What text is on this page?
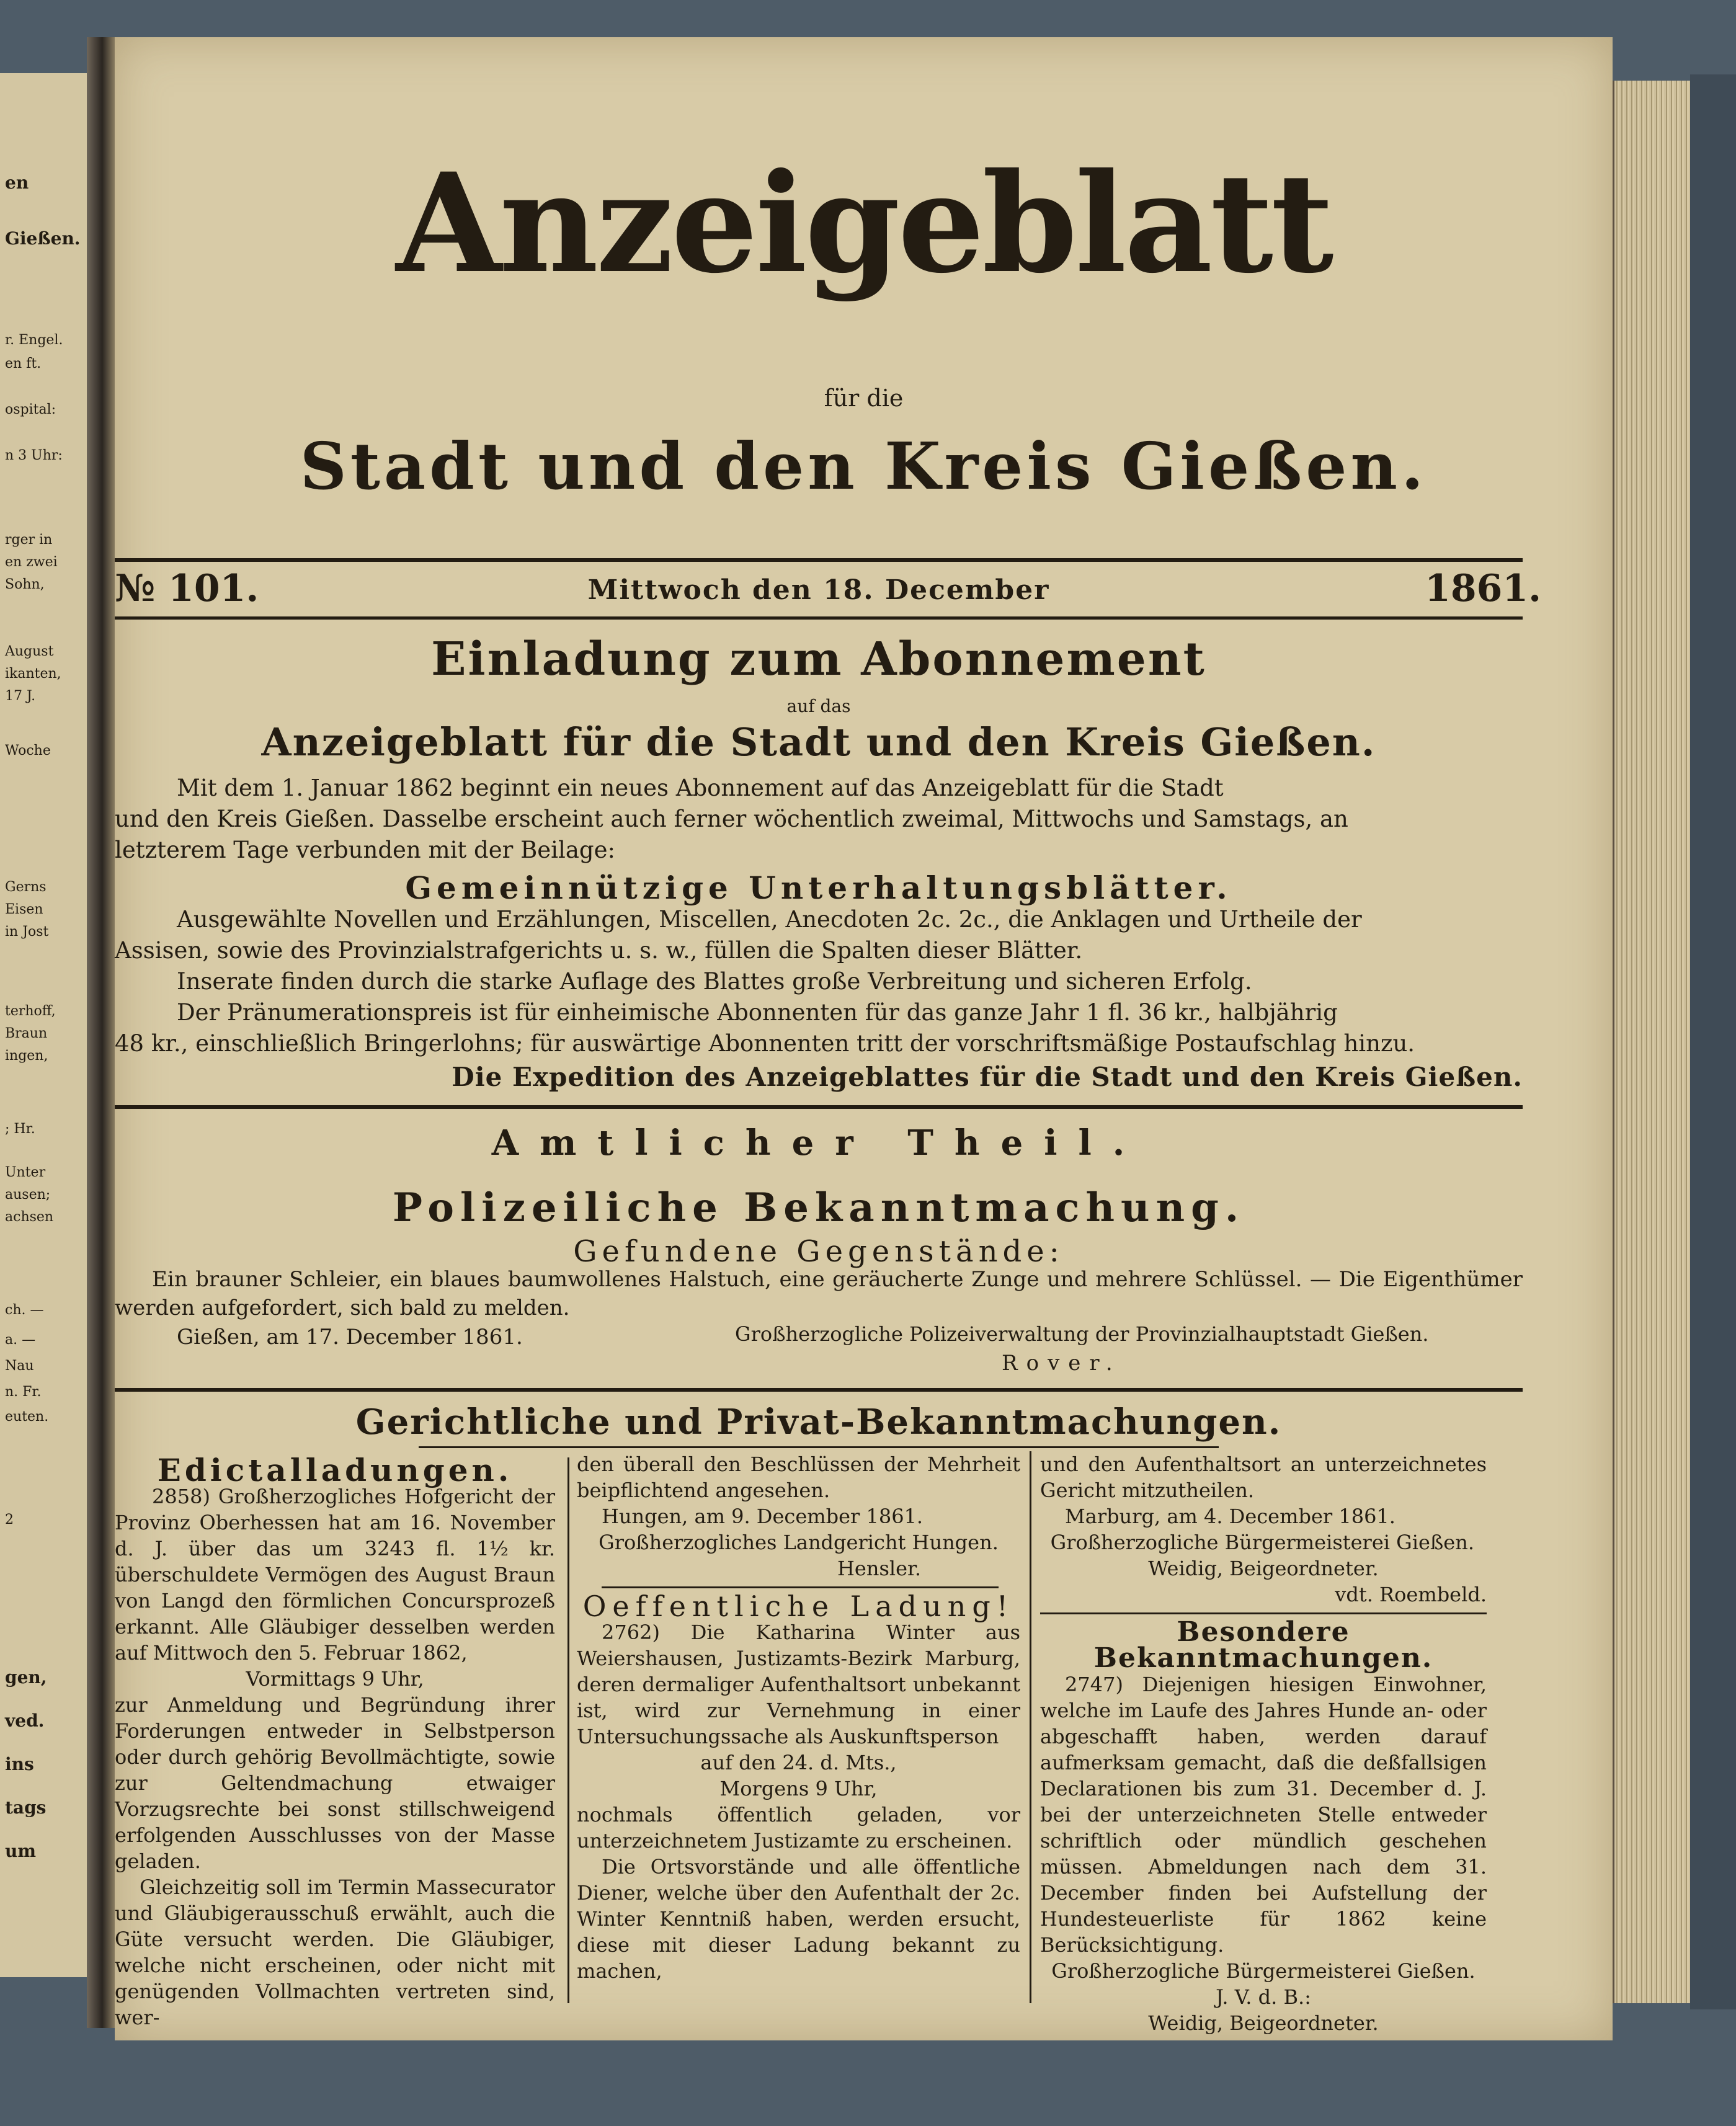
en
Gießen.
r. Engel.
en ft.
ospital:
n 3 Uhr:
rger in
en zwei
Sohn,
August
ikanten,
17 J.
Woche
Gerns
Eisen
in Jost
terhoff,
Braun
ingen,
; Hr.
Unter
ausen;
achsen
ch. —
a. —
Nau
n. Fr.
euten.
2
gen,
ved.
ins
tags
um
Anzeigeblatt
für die
Stadt und den Kreis Gießen.
№ 101.	Mittwoch den 18. December	1861.
Einladung zum Abonnement
auf das
Anzeigeblatt für die Stadt und den Kreis Gießen.

Mit dem 1. Januar 1862 beginnt ein neues Abonnement auf das Anzeigeblatt für die Stadt

und den Kreis Gießen. Dasselbe erscheint auch ferner wöchentlich zweimal, Mittwochs und Samstags, an

letzterem Tage verbunden mit der Beilage:

Gemeinnützige Unterhaltungsblätter.

Ausgewählte Novellen und Erzählungen, Miscellen, Anecdoten 2c. 2c., die Anklagen und Urtheile der

Assisen, sowie des Provinzialstrafgerichts u. s. w., füllen die Spalten dieser Blätter.

Inserate finden durch die starke Auflage des Blattes große Verbreitung und sicheren Erfolg.

Der Pränumerationspreis ist für einheimische Abonnenten für das ganze Jahr 1 fl. 36 kr., halbjährig

48 kr., einschließlich Bringerlohns; für auswärtige Abonnenten tritt der vorschriftsmäßige Postaufschlag hinzu.

Die Expedition des Anzeigeblattes für die Stadt und den Kreis Gießen.
Amtlicher Theil.
Polizeiliche Bekanntmachung.
Gefundene Gegenstände:
Ein brauner Schleier, ein blaues baumwollenes Halstuch, eine geräucherte Zunge und mehrere Schlüssel. — Die Eigenthümer werden aufgefordert, sich bald zu melden.
Gießen, am 17. December 1861.	Großherzogliche Polizeiverwaltung der Provinzialhauptstadt Gießen.
Rover.
Gerichtliche und Privat-Bekanntmachungen.

Edictalladungen.

2858) Großherzogliches Hofgericht der Provinz Oberhessen hat am 16. November d. J. über das um 3243 fl. 1½ kr. überschuldete Vermögen des August Braun von Langd den förmlichen Concursprozeß erkannt. Alle Gläubiger desselben werden auf Mittwoch den 5. Februar 1862,

Vormittags 9 Uhr,

zur Anmeldung und Begründung ihrer Forderungen entweder in Selbstperson oder durch gehörig Bevollmächtigte, sowie zur Geltendmachung etwaiger Vorzugsrechte bei sonst stillschweigend erfolgenden Ausschlusses von der Masse geladen.

Gleichzeitig soll im Termin Massecurator und Gläubigerausschuß erwählt, auch die Güte versucht werden. Die Gläubiger, welche nicht erscheinen, oder nicht mit genügenden Vollmachten vertreten sind, wer-

den überall den Beschlüssen der Mehrheit beipflichtend angesehen.

Hungen, am 9. December 1861.

Großherzogliches Landgericht Hungen.

Hensler.

Oeffentliche Ladung!

2762) Die Katharina Winter aus Weiershausen, Justizamts-Bezirk Marburg, deren dermaliger Aufenthaltsort unbekannt ist, wird zur Vernehmung in einer Untersuchungssache als Auskunftsperson

auf den 24. d. Mts.,

Morgens 9 Uhr,

nochmals öffentlich geladen, vor unterzeichnetem Justizamte zu erscheinen.

Die Ortsvorstände und alle öffentliche Diener, welche über den Aufenthalt der 2c. Winter Kenntniß haben, werden ersucht, diese mit dieser Ladung bekannt zu machen,

und den Aufenthaltsort an unterzeichnetes Gericht mitzutheilen.

Marburg, am 4. December 1861.

Großherzogliche Bürgermeisterei Gießen.

Weidig, Beigeordneter.

vdt. Roembeld.

Besondere Bekanntmachungen.

2747) Diejenigen hiesigen Einwohner, welche im Laufe des Jahres Hunde an- oder abgeschafft haben, werden darauf aufmerksam gemacht, daß die deßfallsigen Declarationen bis zum 31. December d. J. bei der unterzeichneten Stelle entweder schriftlich oder mündlich geschehen müssen. Abmeldungen nach dem 31. December finden bei Aufstellung der Hundesteuerliste für 1862 keine Berücksichtigung.

Großherzogliche Bürgermeisterei Gießen.

J. V. d. B.:

Weidig, Beigeordneter.
